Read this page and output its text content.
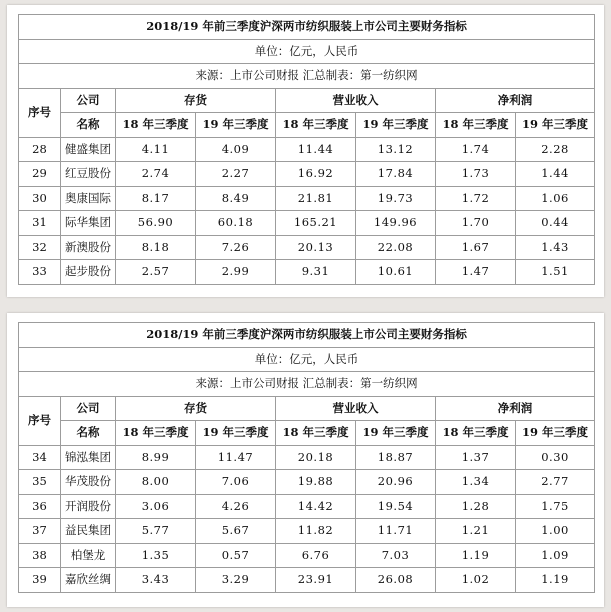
2018/19 年前三季度沪深两市纺织服装上市公司主要财务指标							
单位：亿元，人民币							
来源：上市公司财报 汇总制表：第一纺织网							
序号	公司	存货		营业收入		净利润	
	名称	18 年三季度	19 年三季度	18 年三季度	19 年三季度	18 年三季度	19 年三季度
28	健盛集团	4.11	4.09	11.44	13.12	1.74	2.28
29	红豆股份	2.74	2.27	16.92	17.84	1.73	1.44
30	奥康国际	8.17	8.49	21.81	19.73	1.72	1.06
31	际华集团	56.90	60.18	165.21	149.96	1.70	0.44
32	新澳股份	8.18	7.26	20.13	22.08	1.67	1.43
33	起步股份	2.57	2.99	9.31	10.61	1.47	1.51
2018/19 年前三季度沪深两市纺织服装上市公司主要财务指标							
单位：亿元，人民币							
来源：上市公司财报 汇总制表：第一纺织网							
序号	公司	存货		营业收入		净利润	
	名称	18 年三季度	19 年三季度	18 年三季度	19 年三季度	18 年三季度	19 年三季度
34	锦泓集团	8.99	11.47	20.18	18.87	1.37	0.30
35	华茂股份	8.00	7.06	19.88	20.96	1.34	2.77
36	开润股份	3.06	4.26	14.42	19.54	1.28	1.75
37	益民集团	5.77	5.67	11.82	11.71	1.21	1.00
38	柏堡龙	1.35	0.57	6.76	7.03	1.19	1.09
39	嘉欣丝绸	3.43	3.29	23.91	26.08	1.02	1.19
